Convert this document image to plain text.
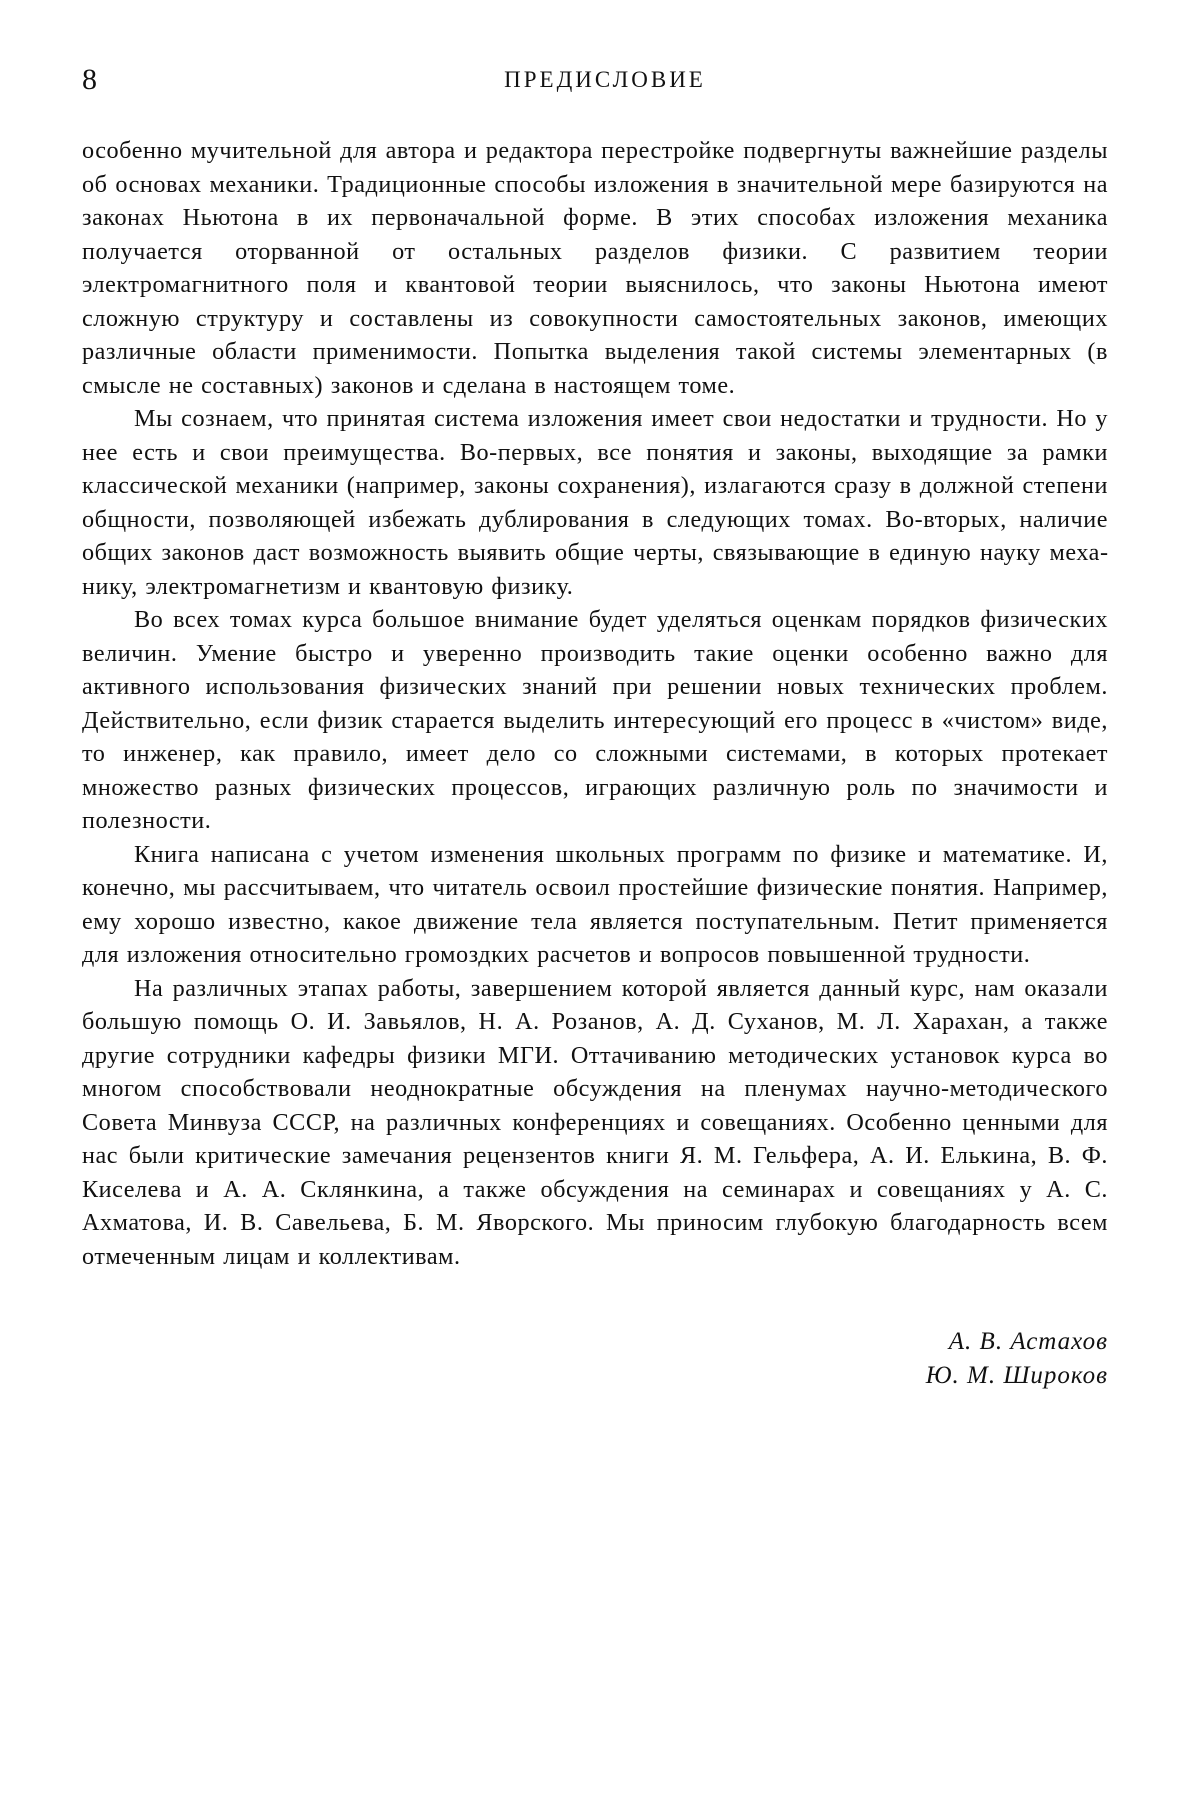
8	ПРЕДИСЛОВИЕ

особенно мучительной для автора и редактора перестройке подвергнуты важнейшие разделы об основах механики. Традиционные способы изложения в значительной мере базируются на законах Ньютона в их первоначальной форме. В этих способах изложения механика получается оторванной от остальных разделов физики. С развитием теории электромагнитного поля и квантовой теории выяснилось, что законы Ньютона имеют сложную структуру и составлены из совокупности самостоятельных законов, имеющих различные области применимости. Попытка выделения такой системы элементарных (в смысле не составных) законов и сделана в настоящем томе.

Мы сознаем, что принятая система изложения имеет свои недостатки и трудности. Но у нее есть и свои преимущества. Во-первых, все понятия и законы, выходящие за рамки классической механики (например, законы сохранения), излагаются сразу в должной степени общности, позволяющей избежать дублирования в следующих томах. Во-вторых, наличие общих законов даст возможность выявить общие черты, связывающие в единую науку механику, электромагнетизм и квантовую физику.

Во всех томах курса большое внимание будет уделяться оценкам порядков физических величин. Умение быстро и уверенно производить такие оценки особенно важно для активного использования физических знаний при решении новых технических проблем. Действительно, если физик старается выделить интересующий его процесс в «чистом» виде, то инженер, как правило, имеет дело со сложными системами, в которых протекает множество разных физических процессов, играющих различную роль по значимости и полезности.

Книга написана с учетом изменения школьных программ по физике и математике. И, конечно, мы рассчитываем, что читатель освоил простейшие физические понятия. Например, ему хорошо известно, какое движение тела является поступательным. Петит применяется для изложения относительно громоздких расчетов и вопросов повышенной трудности.

На различных этапах работы, завершением которой является данный курс, нам оказали большую помощь О. И. Завьялов, Н. А. Розанов, А. Д. Суханов, М. Л. Харахан, а также другие сотрудники кафедры физики МГИ. Оттачиванию методических установок курса во многом способствовали неоднократные обсуждения на пленумах научно-методического Совета Минвуза СССР, на различных конференциях и совещаниях. Особенно ценными для нас были критические замечания рецензентов книги Я. М. Гельфера, А. И. Елькина, В. Ф. Киселева и А. А. Склянкина, а также обсуждения на семинарах и совещаниях у А. С. Ахматова, И. В. Савельева, Б. М. Яворского. Мы приносим глубокую благодарность всем отмеченным лицам и коллективам.

А. В. Астахов
Ю. М. Широков
